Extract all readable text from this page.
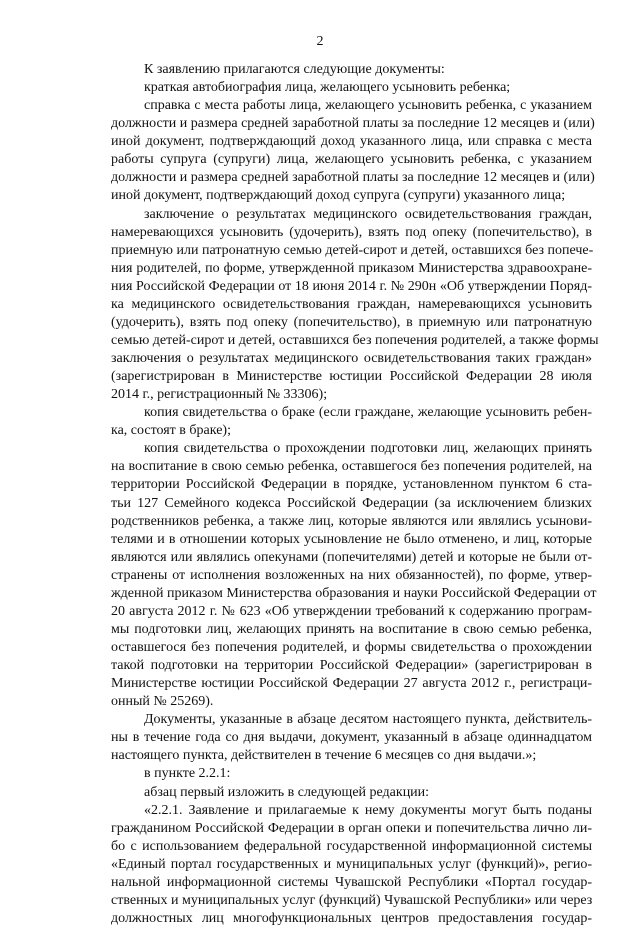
2
К заявлению прилагаются следующие документы:
краткая автобиография лица, желающего усыновить ребенка;
справка с места работы лица, желающего усыновить ребенка, с указанием
должности и размера средней заработной платы за последние 12 месяцев и (или)
иной документ, подтверждающий доход указанного лица, или справка с места
работы супруга (супруги) лица, желающего усыновить ребенка, с указанием
должности и размера средней заработной платы за последние 12 месяцев и (или)
иной документ, подтверждающий доход супруга (супруги) указанного лица;
заключение о результатах медицинского освидетельствования граждан,
намеревающихся усыновить (удочерить), взять под опеку (попечительство), в
приемную или патронатную семью детей-сирот и детей, оставшихся без попече-
ния родителей, по форме, утвержденной приказом Министерства здравоохране-
ния Российской Федерации от 18 июня 2014 г. № 290н «Об утверждении Поряд-
ка медицинского освидетельствования граждан, намеревающихся усыновить
(удочерить), взять под опеку (попечительство), в приемную или патронатную
семью детей-сирот и детей, оставшихся без попечения родителей, а также формы
заключения о результатах медицинского освидетельствования таких граждан»
(зарегистрирован в Министерстве юстиции Российской Федерации 28 июля
2014 г., регистрационный № 33306);
копия свидетельства о браке (если граждане, желающие усыновить ребен-
ка, состоят в браке);
копия свидетельства о прохождении подготовки лиц, желающих принять
на воспитание в свою семью ребенка, оставшегося без попечения родителей, на
территории Российской Федерации в порядке, установленном пунктом 6 ста-
тьи 127 Семейного кодекса Российской Федерации (за исключением близких
родственников ребенка, а также лиц, которые являются или являлись усынови-
телями и в отношении которых усыновление не было отменено, и лиц, которые
являются или являлись опекунами (попечителями) детей и которые не были от-
странены от исполнения возложенных на них обязанностей), по форме, утвер-
жденной приказом Министерства образования и науки Российской Федерации от
20 августа 2012 г. № 623 «Об утверждении требований к содержанию програм-
мы подготовки лиц, желающих принять на воспитание в свою семью ребенка,
оставшегося без попечения родителей, и формы свидетельства о прохождении
такой подготовки на территории Российской Федерации» (зарегистрирован в
Министерстве юстиции Российской Федерации 27 августа 2012 г., регистраци-
онный № 25269).
Документы, указанные в абзаце десятом настоящего пункта, действитель-
ны в течение года со дня выдачи, документ, указанный в абзаце одиннадцатом
настоящего пункта, действителен в течение 6 месяцев со дня выдачи.»;
в пункте 2.2.1:
абзац первый изложить в следующей редакции:
«2.2.1. Заявление и прилагаемые к нему документы могут быть поданы
гражданином Российской Федерации в орган опеки и попечительства лично ли-
бо с использованием федеральной государственной информационной системы
«Единый портал государственных и муниципальных услуг (функций)», регио-
нальной информационной системы Чувашской Республики «Портал государ-
ственных и муниципальных услуг (функций) Чувашской Республики» или через
должностных лиц многофункциональных центров предоставления государ-
